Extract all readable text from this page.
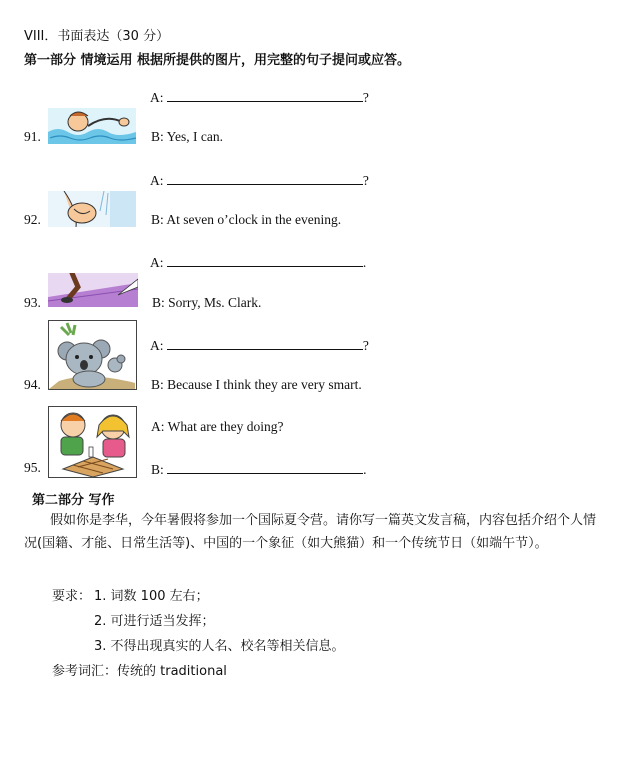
VIII．书面表达（30 分）
第一部分 情境运用 根据所提供的图片，用完整的句子提问或应答。
A:	?
91.	B: Yes, I can.
A:	?
92.	B: At seven o’clock in the evening.
A:	.
93.	B: Sorry, Ms. Clark.
A:	?
94.	B: Because I think they are very smart.
A: What are they doing?
95.	B:	.
第二部分 写作
假如你是李华，今年暑假将参加一个国际夏令营。请你写一篇英文发言稿，内容包括介绍个人情况(国籍、才能、日常生活等)、中国的一个象征（如大熊猫）和一个传统节日（如端午节）。
要求： 1. 词数 100 左右；
2. 可进行适当发挥；
3. 不得出现真实的人名、校名等相关信息。
参考词汇：传统的 traditional
